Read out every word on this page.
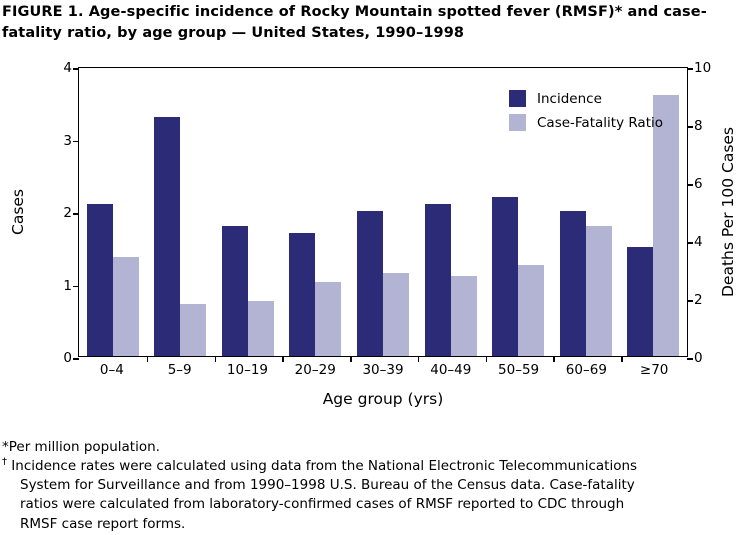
FIGURE 1. Age-specific incidence of Rocky Mountain spotted fever (RMSF)* and case- fatality ratio, by age group — United States, 1990–1998
Cases	Deaths Per 100 Cases
0
1
2
3
4
0
2
4
6
8
10
Incidence
Case-Fatality Ratio
0–4	5–9	10–19	20–29	30–39	40–49	50–59	60–69	≥70
Age group (yrs)
*Per million population.
† Incidence rates were calculated using data from the National Electronic Telecommunications
System for Surveillance and from 1990–1998 U.S. Bureau of the Census data. Case-fatality
ratios were calculated from laboratory-confirmed cases of RMSF reported to CDC through
RMSF case report forms.
